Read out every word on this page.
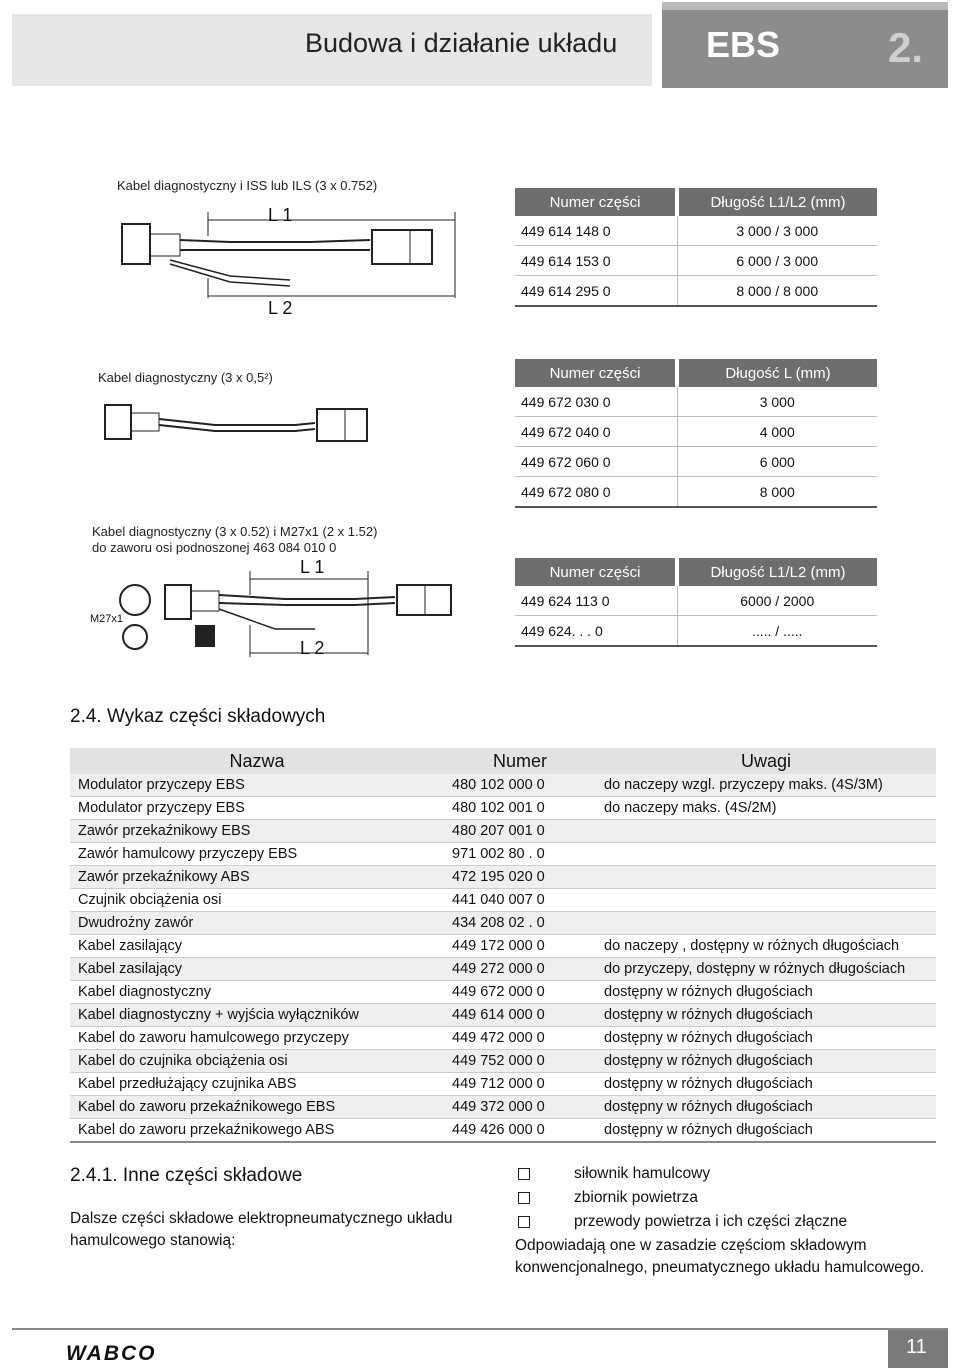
Budowa i działanie układu EBS	2.
Kabel diagnostyczny i ISS lub ILS (3 x 0.752)
L 1
L 2
Numer części	Długość L1/L2 (mm)
449 614 148 0	3 000 / 3 000
449 614 153 0	6 000 / 3 000
449 614 295 0	8 000 / 8 000
Kabel diagnostyczny (3 x 0,5²)	Numer części	Długość L (mm)
449 672 030 0	3 000
449 672 040 0	4 000
449 672 060 0	6 000
449 672 080 0	8 000
Kabel diagnostyczny (3 x 0.52) i M27x1 (2 x 1.52)
do zaworu osi podnoszonej 463 084 010 0
L 1
L 2
M27x1
Numer części	Długość L1/L2 (mm)
449 624 113 0	6000 / 2000
449 624. . . 0	..... / .....
2.4. Wykaz części składowych
Nazwa	Numer	Uwagi
Modulator przyczepy EBS	480 102 000 0	do naczepy wzgl. przyczepy maks. (4S/3M)
Modulator przyczepy EBS	480 102 001 0	do naczepy maks. (4S/2M)
Zawór przekaźnikowy EBS	480 207 001 0	
Zawór hamulcowy przyczepy EBS	971 002 80 . 0	
Zawór przekaźnikowy ABS	472 195 020 0	
Czujnik obciążenia osi	441 040 007 0	
Dwudrożny zawór	434 208 02 . 0	
Kabel zasilający	449 172 000 0	do naczepy , dostępny w różnych długościach
Kabel zasilający	449 272 000 0	do przyczepy, dostępny w różnych długościach
Kabel diagnostyczny	449 672 000 0	dostępny w różnych długościach
Kabel diagnostyczny + wyjścia wyłączników	449 614 000 0	dostępny w różnych długościach
Kabel do zaworu hamulcowego przyczepy	449 472 000 0	dostępny w różnych długościach
Kabel do czujnika obciążenia osi	449 752 000 0	dostępny w różnych długościach
Kabel przedłużający czujnika ABS	449 712 000 0	dostępny w różnych długościach
Kabel do zaworu przekaźnikowego EBS	449 372 000 0	dostępny w różnych długościach
Kabel do zaworu przekaźnikowego ABS	449 426 000 0	dostępny w różnych długościach
2.4.1. Inne części składowe
Dalsze części składowe elektropneumatycznego układu hamulcowego stanowią:
siłownik hamulcowy
zbiornik powietrza
przewody powietrza i ich części złączne
Odpowiadają one w zasadzie częściom składowym konwencjonalnego, pneumatycznego układu hamulcowego.
WABCO	11
